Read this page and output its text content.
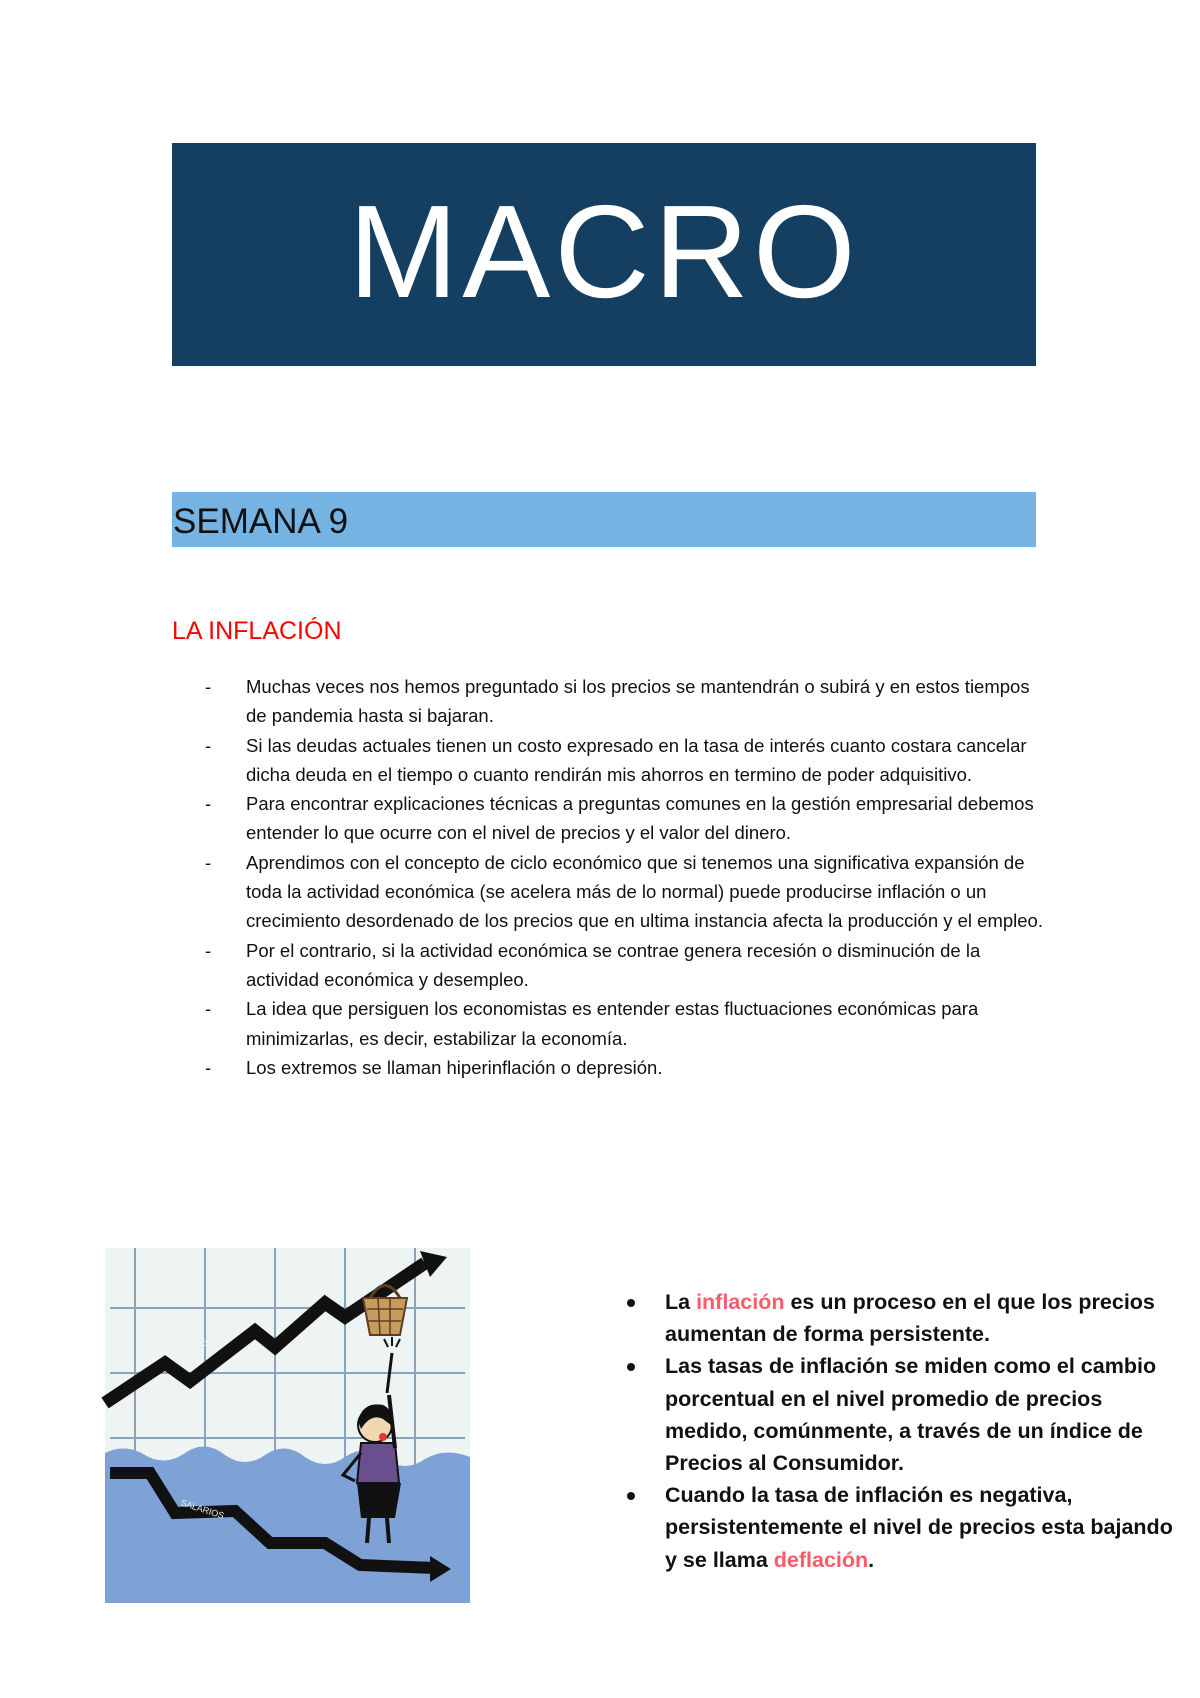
MACRO
SEMANA 9
LA INFLACIÓN
- Muchas veces nos hemos preguntado si los precios se mantendrán o subirá y en estos tiempos de pandemia hasta si bajaran.
- Si las deudas actuales tienen un costo expresado en la tasa de interés cuanto costara cancelar dicha deuda en el tiempo o cuanto rendirán mis ahorros en termino de poder adquisitivo.
- Para encontrar explicaciones técnicas a preguntas comunes en la gestión empresarial debemos entender lo que ocurre con el nivel de precios y el valor del dinero.
- Aprendimos con el concepto de ciclo económico que si tenemos una significativa expansión de toda la actividad económica (se acelera más de lo normal) puede producirse inflación o un crecimiento desordenado de los precios que en ultima instancia afecta la producción y el empleo.
- Por el contrario, si la actividad económica se contrae genera recesión o disminución de la actividad económica y desempleo.
- La idea que persiguen los economistas es entender estas fluctuaciones económicas para minimizarlas, es decir, estabilizar la economía.
- Los extremos se llaman hiperinflación o depresión.
PRECIOS
SALARIOS
La inflación es un proceso en el que los precios aumentan de forma persistente.
Las tasas de inflación se miden como el cambio porcentual en el nivel promedio de precios medido, comúnmente, a través de un índice de Precios al Consumidor.
Cuando la tasa de inflación es negativa, persistentemente el nivel de precios esta bajando y se llama deflación.
